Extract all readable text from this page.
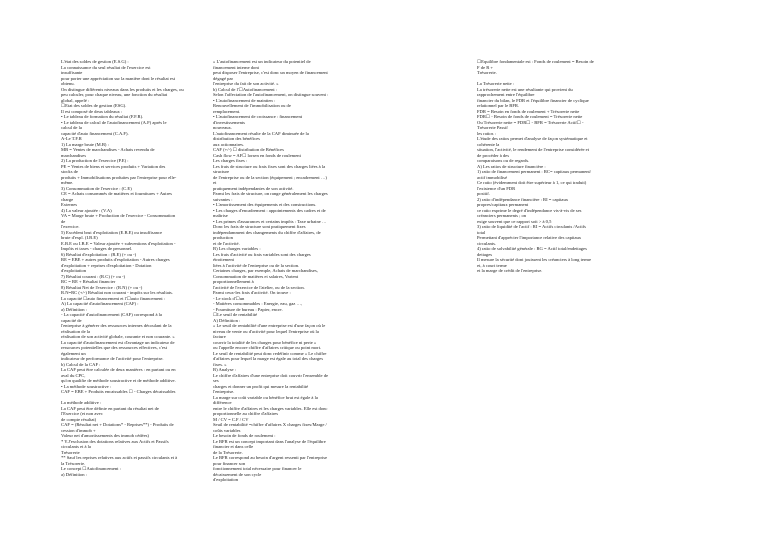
L'état des soldes de gestion (E.S.G) :
La connaissance du seul résultat de l'exercice est
insuffisante
pour porter une appréciation sur la manière dont le résultat est
obtenu.
On distingue différents niveaux dans les produits et les charges, ou
peu calculer, pour chaque niveau, une fonction du résultat
global, appelé :
☐Etat des soldes de gestion (ESG).
Il est composé de deux tableaux :
• Le tableau de formation du résultat (F.F.R).
• Le tableau de calcul de l'autofinancement (A.F) après le
calcul de la
capacité d'auto financement (C.A.F).
A-Le T.F.R
1) La marge brute (M.B) :
MB = Ventes de marchandises - Achats revendu de
marchandises
2) La production de l'exercice (P.E) :
PE = Ventes de biens et services produits + Variation des
stocks de
produits + Immobilisations produites par l'entreprise pour elle-
même.
3) Consommation de l'exercice : (C.E)
CE = Achats consommés de matières et fournitures + Autres
charge
Externes
4) La valeur ajoutée : (V.A)
VA = Marge brute + Production de l'exercice - Consommation
de
l'exercice.
5) Excédent brut d'exploitation (E.B.E) ou insuffisance
brute d'expl. (I.B.E)
E.B.E ou I.B.E = Valeur ajoutée + subventions d'exploitation -
Impôts et taxes - charges de personnel.
6) Résultat d'exploitation : (R.E) (+ ou -)
RE = EBE + autres produits d'exploitation - Autres charges
d'exploitation + reprises d'exploitation - Dotation
d'exploitation
7) Résultat courant : (R.C) (+ ou -)
RC = RE + Résultat financier
8) Résultat Net de l'exercice : (R.N) (+ ou -)
R.N=RC (+/-) Résultat non courant - impôts sur les résultats.
La capacité ☐auto financement et l'☐auto financement :
A) La capacité d'autofinancement (CAF) :
a) Définition :
- La capacité d'autofinancement (CAF) correspond à la
capacité de
l'entreprise à générer des ressources internes découlant de la
réalisation de la
réalisation de son activité globale, courante et non courante. »
La capacité d'autofinancement est d'avantage un indicateur de
ressources potentielles que des ressources effectives, c'est
également un
indicateur de performance de l'activité pour l'entreprise.
b) Calcul de la CAF :
La CAF peut être calculée de deux manières : en partant ou en
aval du CPC,
qu'on qualifie de méthode soustractive et de méthode additive.
• La méthode soustractive :
CAF = EBE + Produits encaissables ☐ - Charges décaissables
La méthode additive :
La CAF peut être définie en partant du résultat net de
l'Exercice (et non avec
de compte résultat)
CAF = (Résultat net + Dotations* - Reprises**) - Produits de
cession d'immob +
Valeur net d'amortissements des immob cédées)
* Y.J'exclusion des dotations relatives aux Actifs et Passifs
circulants et à la
Trésorerie
** Sauf les reprises relatives aux actifs et passifs circulants et à
la Trésorerie.
Le concept ☐Autofinancement :
a) Définition :
» L'autofinancement est un indicateur du potentiel de
financement interne dont
peut disposer l'entreprise, c'est donc un moyen de financement
dégagé par
l'entreprise du fait de son activité. »
b) Calcul de l'☐Autofinancement :
Selon l'affectation de l'autofinancement, on distingue souvent :
• L'autofinancement de maintien :
Renouvellement de l'immobilisation ou de
remplacement.
• L'autofinancement de croissance : financement
d'investissements
nouveaux.
L'autofinancement résulte de la CAF diminuée de la
distribution des bénéfices
aux actionnaires.
CAF (+/-) ☐ distribution de Bénéfices
Cash flow = AF☐ lorsen en fonds de roulement
Les charges fixes :
Les frais de structure ou frais fixes sont des charges liées à la
structure
de l'entreprise ou de la section (équipement ; encadrement …)
et
pratiquement indépendantes de son activité.
Parmi les frais de structure, on range généralement les charges
suivantes :
• L'amortissement des équipements et des constructions.
• Les charges d'encadrement : appointements des cadres et de
maîtrise
• Les primes d'assurances et certains impôts : Taxe urbaine …
Donc les frais de structure sont pratiquement fixes
indépendamment des changements du chiffre d'affaires, de
production
et de l'activité.
B) Les charges variables :
Les frais d'activité ou frais variables sont des charges
étroitement
liées à l'activité de l'entreprise ou de la section.
Certaines charges, par exemple, Achats de marchandises,
Consommation de matières et salaires, Varient
proportionnellement à
l'activité de l'exercice de l'atelier, ou de la section.
Parmi ceux-les frais d'activité. On trouve :
- Le stock d'☐un
- Matières consommables : Energie, eau, gaz …,
- Fourniture de bureau : Papier, encre.
☐Le seuil de rentabilité
A) Définition :
« Le seuil de rentabilité d'une entreprise est d'une façon où le
niveau de vente ou d'activité pour lequel l'entreprise où la
facture
couvrir la totalité de les charges pour bénéfice ni perte »
ou l'appelle encore chiffre d'affaires critique ou point mort.
Le seuil de rentabilité peut donc redéfinir comme « Le chiffre
d'affaires pour lequel la marge est égale au total des charges
fixes. »
B) Analyse :
Le chiffre d'affaires d'une entreprise doit couvrir l'ensemble de
ses
charges et donner un profit qui mesure la rentabilité
l'entreprise.
La marge sur coût variable ou bénéfice brut est égale à la
différence
entre le chiffre d'affaires et les charges variables. Elle est donc
proportionnelle au chiffre d'affaires
M / CV = C.F / CV
Seuil de rentabilité =chiffre d'affaires X charges fixes/Marge /
coûts variables
Le besoin de fonds de roulement :
Le BFR est un concept important dans l'analyse de l'équilibre
financier et dans celle
de la Trésorerie.
Le BFR correspond au besoin d'argent ressenti par l'entreprise
pour financer son
fonctionnement total nécessaire pour financer le
décaissement de son cycle
d'exploitation
☐Equilibre fondamentale est : Fonds de roulement = Besoin de
F de R +
Trésorerie.
La Trésorerie nette :
La trésorerie nette est une résultante qui provient du
rapprochement entre l'équilibre
financier du bilan, le FDR et l'équilibre financier de cyclique
relationnel par le BFR.
FDR = Besoin en fonds de roulement + Trésorerie nette
FDR☐ - Besoin de fonds de roulement = Trésorerie nette
Ou Trésorerie nette = FDR☐ - BFR = Trésorerie Actif☐ -
Trésorerie Passif
les ratios :
L'étude des ratios permet d'analyse de façon systématique et
cohérente la
situation, l'activité, le rendement de l'entreprise considérée et
de procéder à des
comparaisons ou de regards.
A) Les ratios de structure financière :
1) ratio de financement permanent : RC= capitaux permanent/
actif immobilisé
Ce ratio (évidemment doit être supérieur à 1, ce qui traduit)
l'existence d'un FDR
positif.
2) ratio d'indépendance financière : RI = capitaux
propres/capitaux permanent
ce ratio exprime le degré d'indépendance vis-à-vis de ses
créanciers permanents ; on
exige souvent que ce rapport soit > à 0,5
3) ratio de liquidité de l'actif : RI = Actifs circulants /Actifs
total
Permettant d'apprécier l'importance relative des capitaux
circulants.
4) ratio de solvabilité générale : RG = Actif total/endettages
dettages
Il mesure la sécurité dont jouissent les créanciers à long terme
et, à court terme
et la marge de crédit de l'entreprise.
